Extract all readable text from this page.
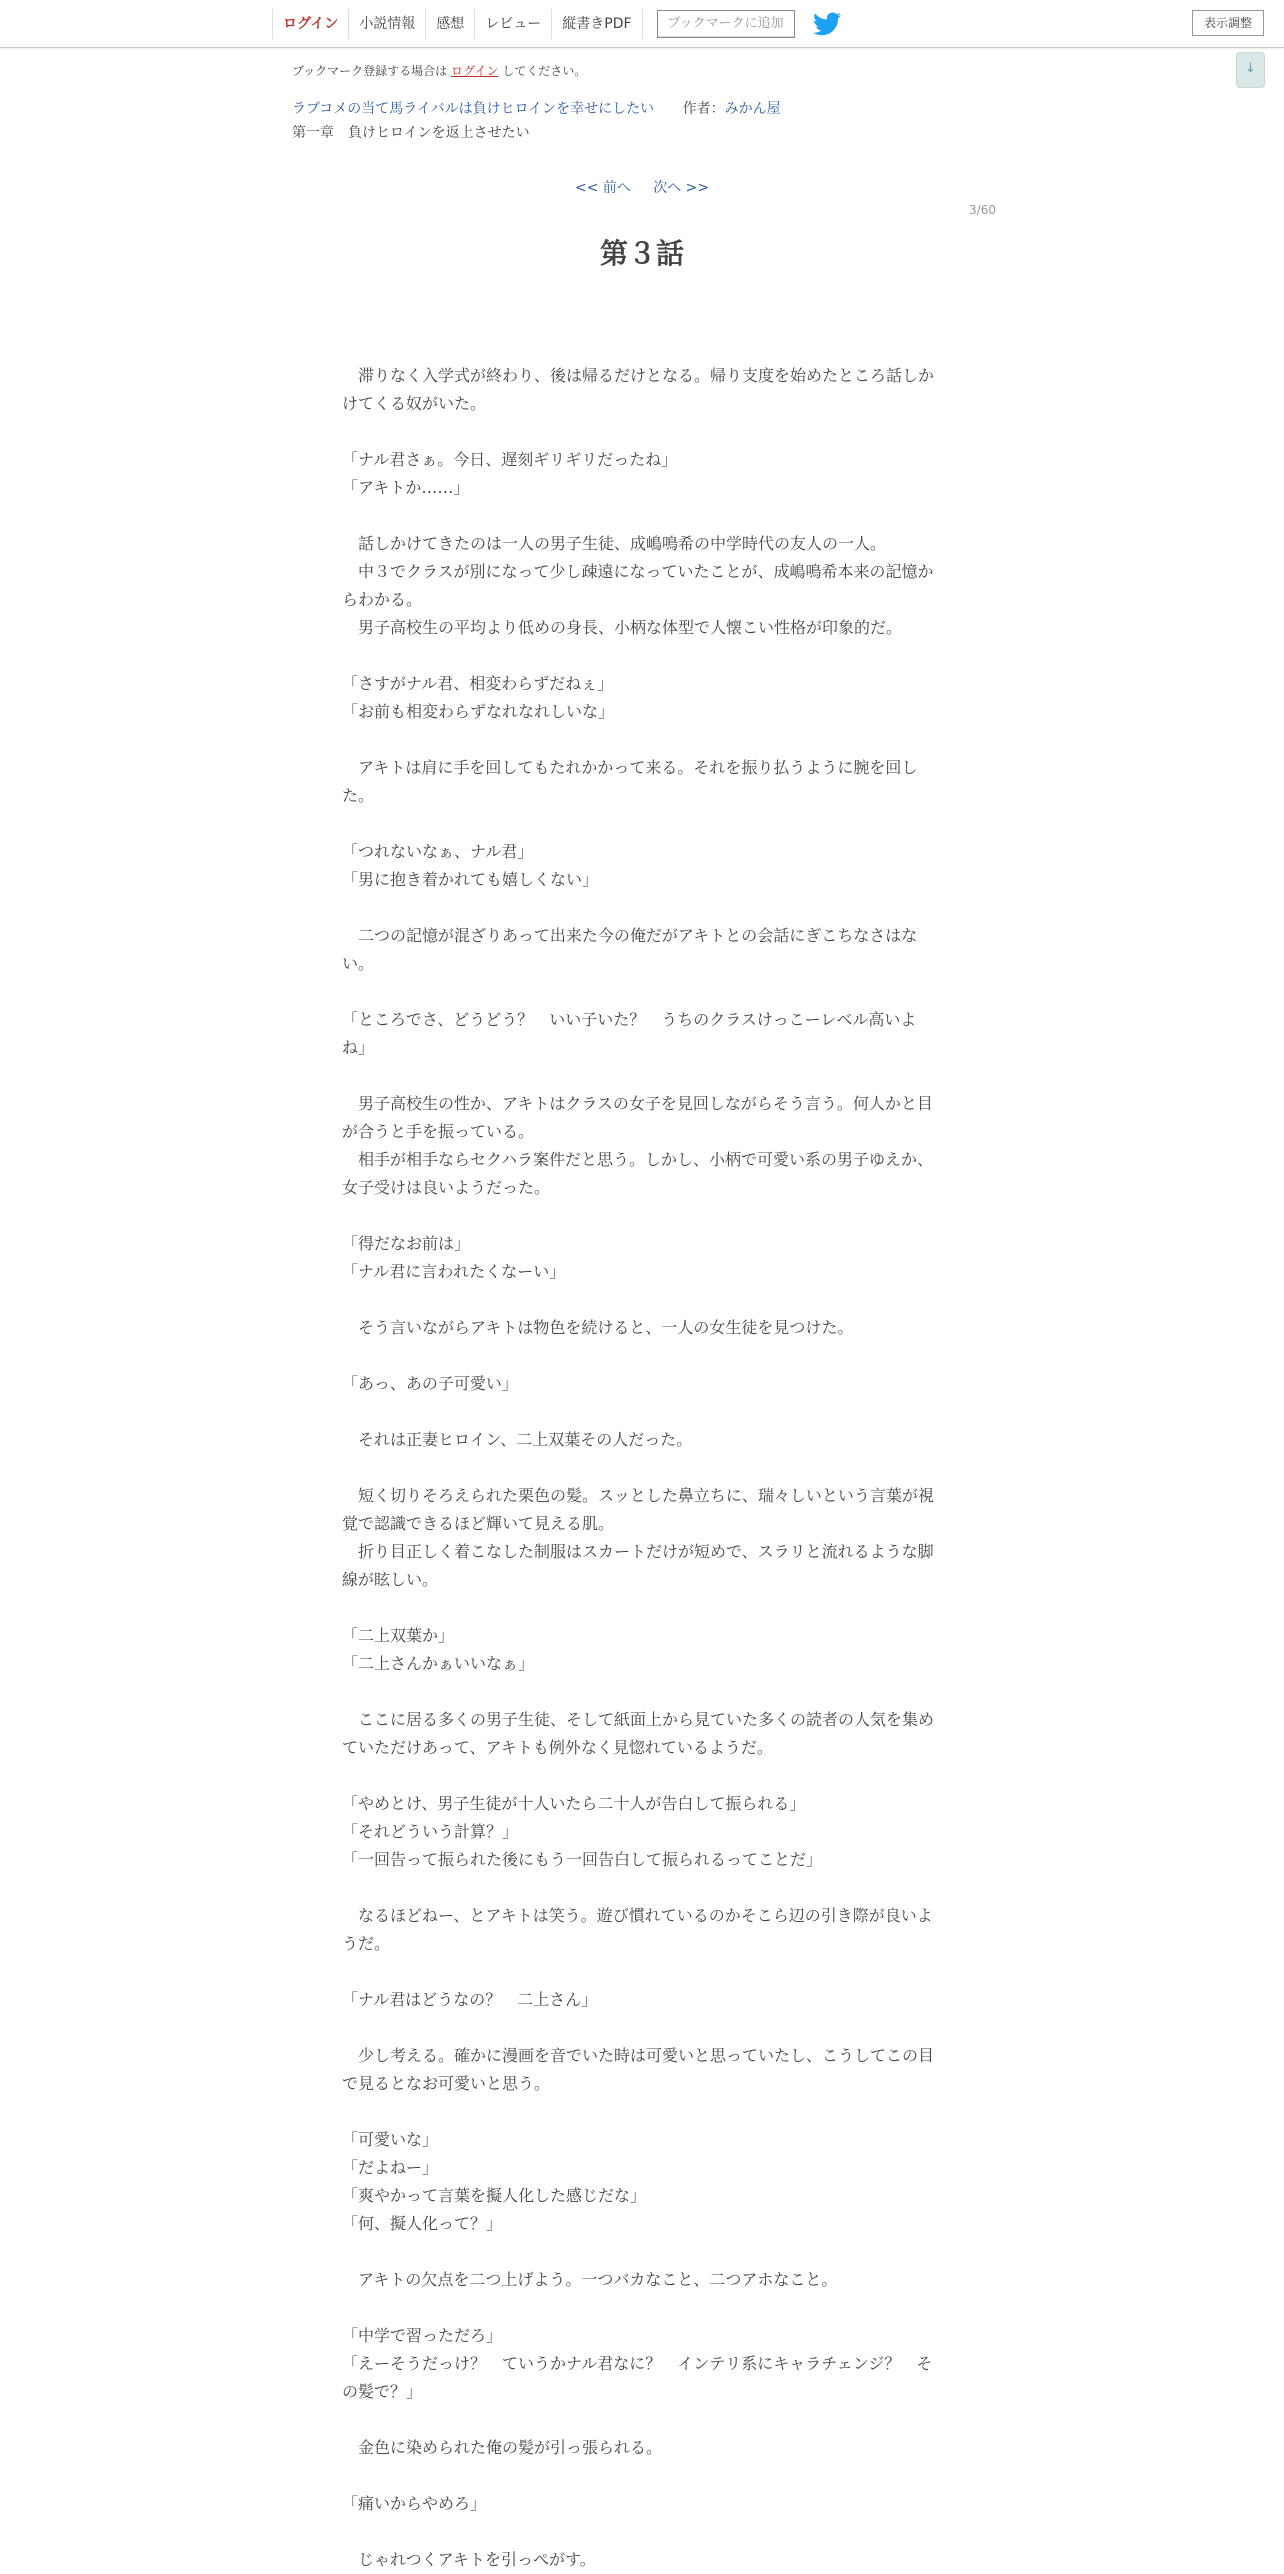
ログイン	小説情報	感想	レビュー	縦書きPDF	ブックマークに追加	表示調整
↓
ブックマーク登録する場合は ログイン してください。
ラブコメの当て馬ライバルは負けヒロインを幸せにしたい 作者：みかん屋
第一章　負けヒロインを返上させたい
<< 前へ 次へ >>
3/60
第３話

　滞りなく入学式が終わり、後は帰るだけとなる。帰り支度を始めたところ話しか

けてくる奴がいた。

「ナル君さぁ。今日、遅刻ギリギリだったね」

「アキトか……」

　話しかけてきたのは一人の男子生徒、成嶋鳴希の中学時代の友人の一人。

　中３でクラスが別になって少し疎遠になっていたことが、成嶋鳴希本来の記憶か

らわかる。

　男子高校生の平均より低めの身長、小柄な体型で人懐こい性格が印象的だ。

「さすがナル君、相変わらずだねぇ」

「お前も相変わらずなれなれしいな」

　アキトは肩に手を回してもたれかかって来る。それを振り払うように腕を回し

た。

「つれないなぁ、ナル君」

「男に抱き着かれても嬉しくない」

　二つの記憶が混ざりあって出来た今の俺だがアキトとの会話にぎこちなさはな

い。

「ところでさ、どうどう？　いい子いた？　うちのクラスけっこーレベル高いよ

ね」

　男子高校生の性か、アキトはクラスの女子を見回しながらそう言う。何人かと目

が合うと手を振っている。

　相手が相手ならセクハラ案件だと思う。しかし、小柄で可愛い系の男子ゆえか、

女子受けは良いようだった。

「得だなお前は」

「ナル君に言われたくなーい」

　そう言いながらアキトは物色を続けると、一人の女生徒を見つけた。

「あっ、あの子可愛い」

　それは正妻ヒロイン、二上双葉その人だった。

　短く切りそろえられた栗色の髪。スッとした鼻立ちに、瑞々しいという言葉が視

覚で認識できるほど輝いて見える肌。

　折り目正しく着こなした制服はスカートだけが短めで、スラリと流れるような脚

線が眩しい。

「二上双葉か」

「二上さんかぁいいなぁ」

　ここに居る多くの男子生徒、そして紙面上から見ていた多くの読者の人気を集め

ていただけあって、アキトも例外なく見惚れているようだ。

「やめとけ、男子生徒が十人いたら二十人が告白して振られる」

「それどういう計算？」

「一回告って振られた後にもう一回告白して振られるってことだ」

　なるほどねー、とアキトは笑う。遊び慣れているのかそこら辺の引き際が良いよ

うだ。

「ナル君はどうなの？　二上さん」

　少し考える。確かに漫画を音でいた時は可愛いと思っていたし、こうしてこの目

で見るとなお可愛いと思う。

「可愛いな」

「だよねー」

「爽やかって言葉を擬人化した感じだな」

「何、擬人化って？」

　アキトの欠点を二つ上げよう。一つバカなこと、二つアホなこと。

「中学で習っただろ」

「えーそうだっけ？　ていうかナル君なに？　インテリ系にキャラチェンジ？　そ

の髪で？」

　金色に染められた俺の髪が引っ張られる。

「痛いからやめろ」

　じゃれつくアキトを引っぺがす。
